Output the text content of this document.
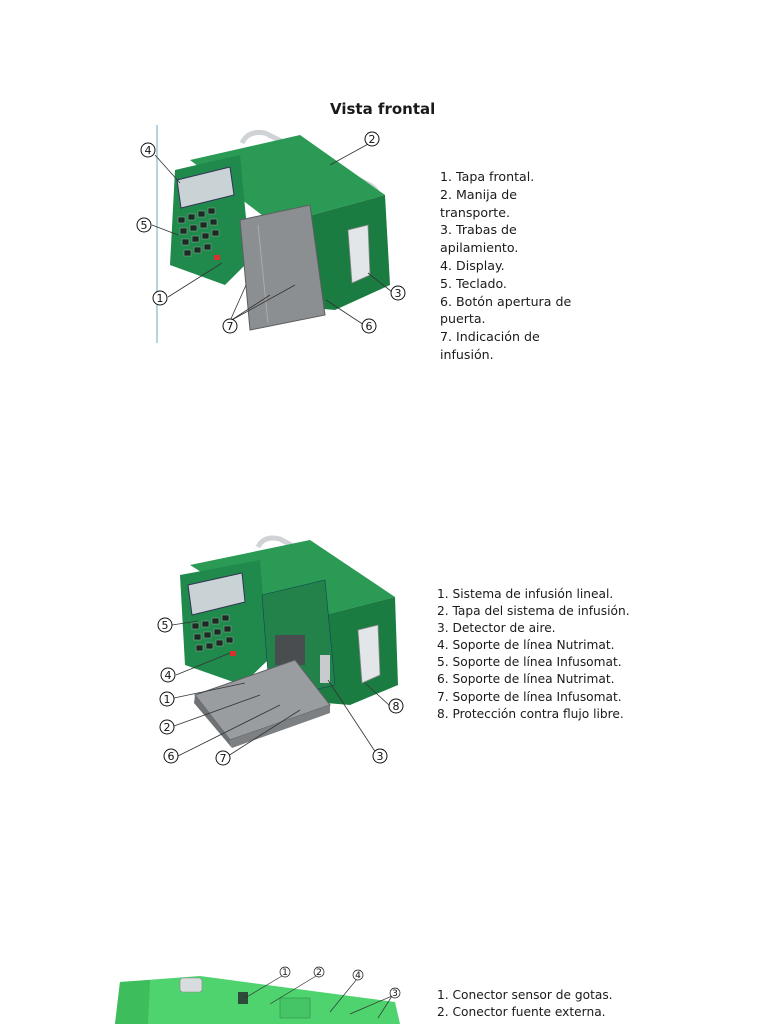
Vista frontal
4
2
5
1	3
7	6
1. Tapa frontal.
2. Manija de transporte.
3. Trabas de apilamiento.
4. Display.
5. Teclado.
6. Botón apertura de puerta.
7. Indicación de infusión.
5
4
1
2
6	7	3
8
1. Sistema de infusión lineal.
2. Tapa del sistema de infusión.
3. Detector de aire.
4. Soporte de línea Nutrimat.
5. Soporte de línea Infusomat.
6. Soporte de línea Nutrimat.
7. Soporte de línea Infusomat.
8. Protección contra flujo libre.
1	2	4
3	1. Conector sensor de gotas.
2. Conector fuente externa.
